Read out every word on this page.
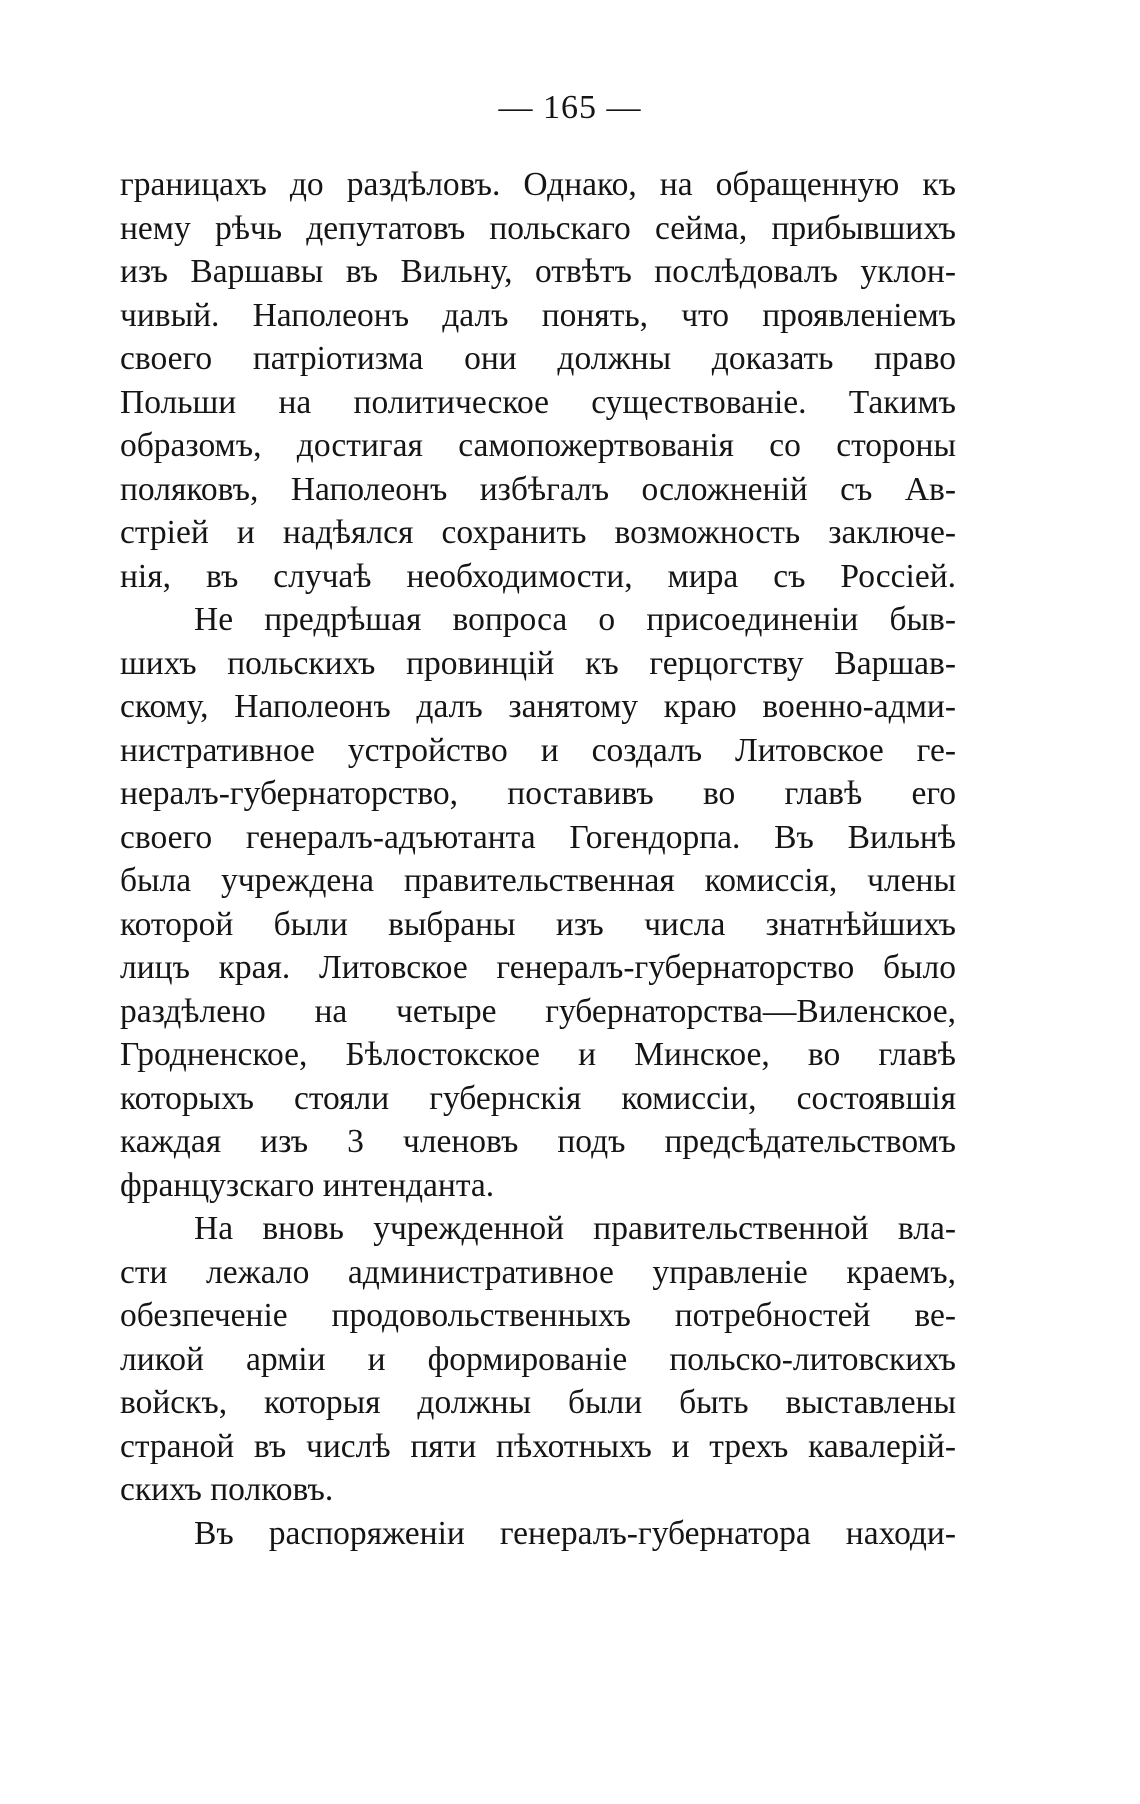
— 165 —
границахъ до раздѣловъ. Однако, на обращенную къ
нему рѣчь депутатовъ польскаго сейма, прибывшихъ
изъ Варшавы въ Вильну, отвѣтъ послѣдовалъ уклон-
чивый. Наполеонъ далъ понять, что проявленіемъ
своего патріотизма они должны доказать право
Польши на политическое существованіе. Такимъ
образомъ, достигая самопожертвованія со стороны
поляковъ, Наполеонъ избѣгалъ осложненій съ Ав-
стріей и надѣялся сохранить возможность заключе-
нія, въ случаѣ необходимости, мира съ Россіей.
Не предрѣшая вопроса о присоединеніи быв-
шихъ польскихъ провинцій къ герцогству Варшав-
скому, Наполеонъ далъ занятому краю военно-адми-
нистративное устройство и создалъ Литовское ге-
нералъ-губернаторство, поставивъ во главѣ его
своего генералъ-адъютанта Гогендорпа. Въ Вильнѣ
была учреждена правительственная комиссія, члены
которой были выбраны изъ числа знатнѣйшихъ
лицъ края. Литовское генералъ-губернаторство было
раздѣлено на четыре губернаторства—Виленское,
Гродненское, Бѣлостокское и Минское, во главѣ
которыхъ стояли губернскія комиссіи, состоявшія
каждая изъ 3 членовъ подъ предсѣдательствомъ
французскаго интенданта.
На вновь учрежденной правительственной вла-
сти лежало административное управленіе краемъ,
обезпеченіе продовольственныхъ потребностей ве-
ликой арміи и формированіе польско-литовскихъ
войскъ, которыя должны были быть выставлены
страной въ числѣ пяти пѣхотныхъ и трехъ кавалерій-
скихъ полковъ.
Въ распоряженіи генералъ-губернатора находи-
